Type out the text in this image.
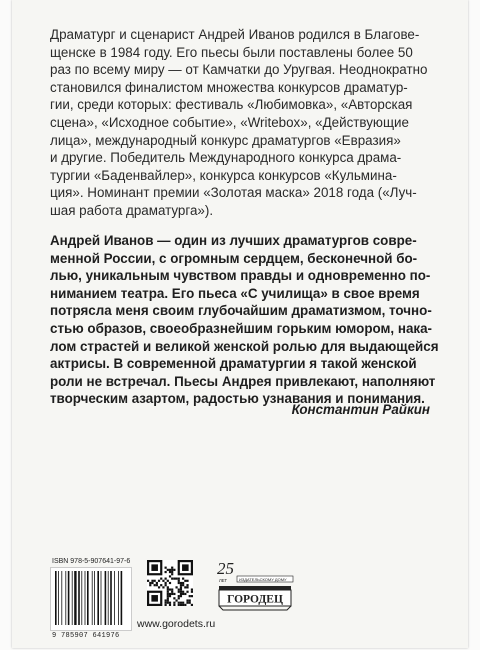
Драматург и сценарист Андрей Иванов родился в Благове-
щенске в 1984 году. Его пьесы были поставлены более 50
раз по всему миру — от Камчатки до Уругвая. Неоднократно
становился финалистом множества конкурсов драматур-
гии, среди которых: фестиваль «Любимовка», «Авторская
сцена», «Исходное событие», «Writebox», «Действующие
лица», международный конкурс драматургов «Евразия»
и другие. Победитель Международного конкурса драма-
тургии «Баденвайлер», конкурса конкурсов «Кульмина-
ция». Номинант премии «Золотая маска» 2018 года («Луч-
шая работа драматурга»).
Андрей Иванов — один из лучших драматургов совре-
менной России, с огромным сердцем, бесконечной бо-
лью, уникальным чувством правды и одновременно по-
ниманием театра. Его пьеса «С училища» в свое время
потрясла меня своим глубочайшим драматизмом, точно-
стью образов, своеобразнейшим горьким юмором, нака-
лом страстей и великой женской ролью для выдающейся
актрисы. В современной драматургии я такой женской
роли не встречал. Пьесы Андрея привлекают, наполняют
творческим азартом, радостью узнавания и понимания.
Константин Райкин
ISBN 978-5-907641-97-6
9 785907 641976
www.gorodets.ru
25
ЛЕТ	ИЗДАТЕЛЬСКОМУ ДОМУ
ГОРОДЕЦ
